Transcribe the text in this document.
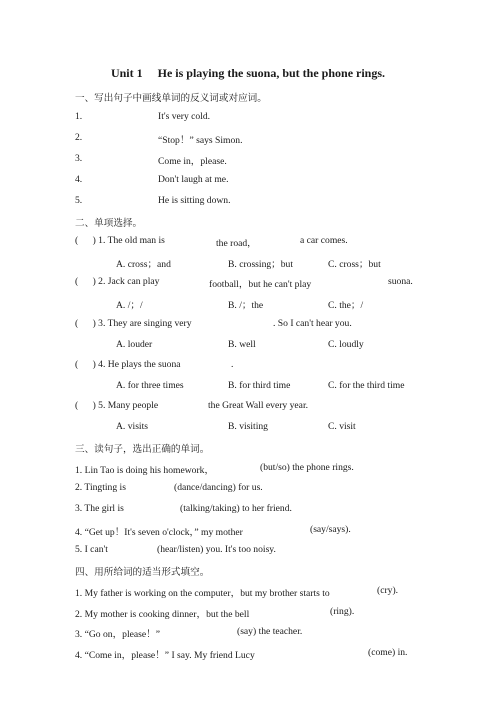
Unit 1  He is playing the suona, but the phone rings.
一、写出句子中画线单词的反义词或对应词。
1.	It's very cold.
2.	“Stop！” says Simon.
3.	Come in，please.
4.	Don't laugh at me.
5.	He is sitting down.
二、单项选择。
(  ) 1. The old man is	the road，	a car comes.
A. cross；and	B. crossing；but	C. cross；but
(  ) 2. Jack can play	football，but he can't play	suona.
A. /；/	B. /；the	C. the；/
(  ) 3. They are singing very	. So I can't hear you.
A. louder	B. well	C. loudly
(  ) 4. He plays the suona	.
A. for three times	B. for third time	C. for the third time
(  ) 5. Many people	the Great Wall every year.
A. visits	B. visiting	C. visit
三、读句子，选出正确的单词。
1. Lin Tao is doing his homework，	(but/so) the phone rings.
2. Tingting is	(dance/dancing) for us.
3. The girl is	(talking/taking) to her friend.
4. “Get up！It's seven o'clock，” my mother	(say/says).
5. I can't	(hear/listen) you. It's too noisy.
四、用所给词的适当形式填空。
1. My father is working on the computer，but my brother starts to	(cry).
2. My mother is cooking dinner，but the bell	(ring).
3. “Go on，please！”	(say) the teacher.
4. “Come in，please！” I say. My friend Lucy	(come) in.
